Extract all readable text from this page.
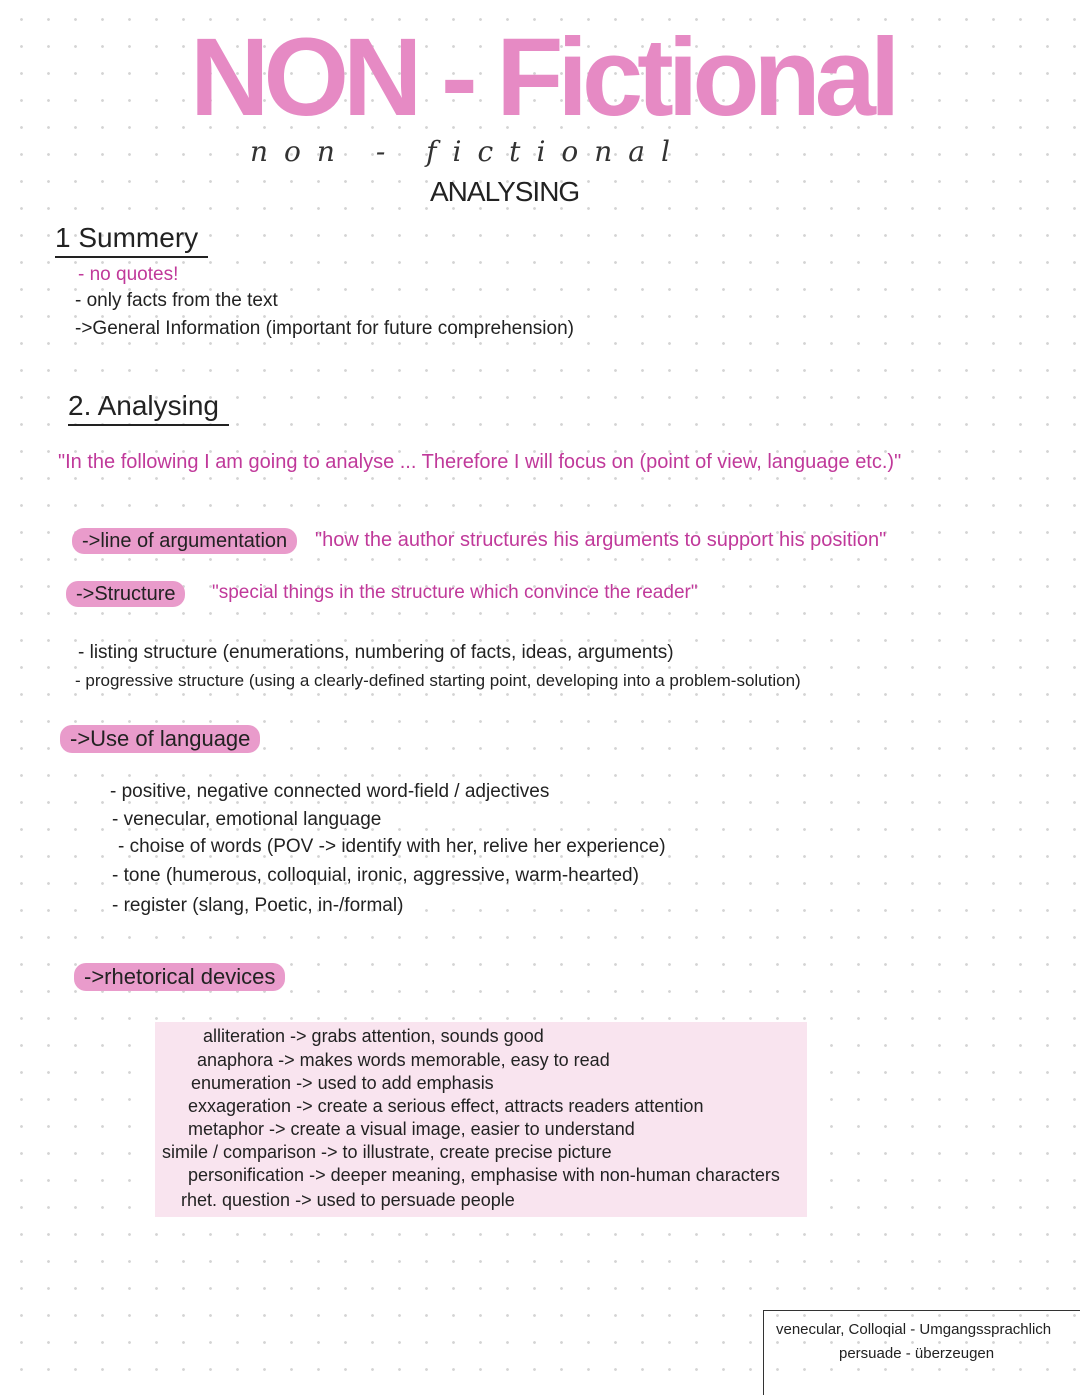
NON - Fictional
non - fictional
ANALYSING
1 Summery
- no quotes!
- only facts from the text
->General Information (important for future comprehension)
2. Analysing
"In the following I am going to analyse ... Therefore I will focus on (point of view, language etc.)"
->line of argumentation	"how the author structures his arguments to support his position"
->Structure	"special things in the structure which convince the reader"
- listing structure (enumerations, numbering of facts, ideas, arguments)
- progressive structure (using a clearly-defined starting point, developing into a problem-solution)
->Use of language
- positive, negative connected word-field / adjectives
- venecular, emotional language
- choise of words (POV -> identify with her, relive her experience)
- tone (humerous, colloquial, ironic, aggressive, warm-hearted)
- register (slang, Poetic, in-/formal)
->rhetorical devices
alliteration -> grabs attention, sounds good
anaphora -> makes words memorable, easy to read
enumeration -> used to add emphasis
exxageration -> create a serious effect, attracts readers attention
metaphor -> create a visual image, easier to understand
simile / comparison -> to illustrate, create precise picture
personification -> deeper meaning, emphasise with non-human characters
rhet. question -> used to persuade people
venecular, Colloqial - Umgangssprachlich
persuade - überzeugen
